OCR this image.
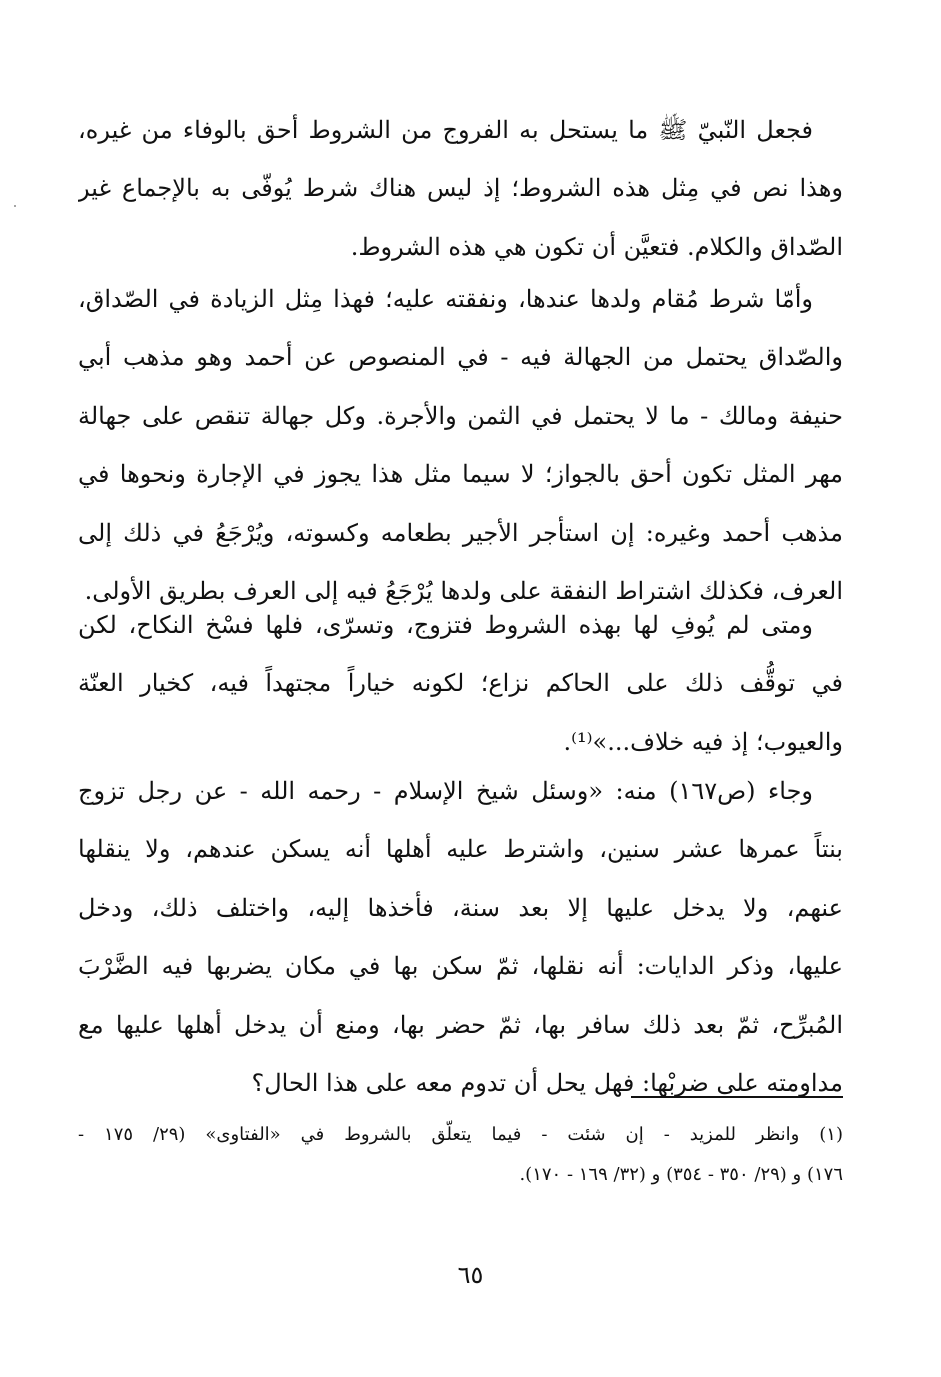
فجعل النّبيّ ﷺ ما يستحل به الفروج من الشروط أحق بالوفاء من غيره،
وهذا نص في مِثل هذه الشروط؛ إذ ليس هناك شرط يُوفّى به بالإجماع غير
الصّداق والكلام. فتعيَّن أن تكون هي هذه الشروط.
وأمّا شرط مُقام ولدها عندها، ونفقته عليه؛ فهذا مِثل الزيادة في الصّداق،
والصّداق يحتمل من الجهالة فيه - في المنصوص عن أحمد وهو مذهب أبي
حنيفة ومالك - ما لا يحتمل في الثمن والأجرة. وكل جهالة تنقص على جهالة
مهر المثل تكون أحق بالجواز؛ لا سيما مثل هذا يجوز في الإجارة ونحوها في
مذهب أحمد وغيره: إن استأجر الأجير بطعامه وكسوته، ويُرْجَعُ في ذلك إلى
العرف، فكذلك اشتراط النفقة على ولدها يُرْجَعُ فيه إلى العرف بطريق الأولى.
ومتى لم يُوفِ لها بهذه الشروط فتزوج، وتسرّى، فلها فسْخ النكاح، لكن
في توقُّف ذلك على الحاكم نزاع؛ لكونه خياراً مجتهداً فيه، كخيار العنّة
والعيوب؛ إذ فيه خلاف...»⁽¹⁾.
وجاء (ص١٦٧) منه: «وسئل شيخ الإسلام - رحمه الله - عن رجل تزوج
بنتاً عمرها عشر سنين، واشترط عليه أهلها أنه يسكن عندهم، ولا ينقلها
عنهم، ولا يدخل عليها إلا بعد سنة، فأخذها إليه، واختلف ذلك، ودخل
عليها، وذكر الدايات: أنه نقلها، ثمّ سكن بها في مكان يضربها فيه الضَّرْبَ
المُبرِّح، ثمّ بعد ذلك سافر بها، ثمّ حضر بها، ومنع أن يدخل أهلها عليها مع
مداومته على ضربْها: فهل يحل أن تدوم معه على هذا الحال؟
(١) وانظر للمزيد - إن شئت - فيما يتعلّق بالشروط في «الفتاوى» (٢٩/ ١٧٥ -
١٧٦) و (٢٩/ ٣٥٠ - ٣٥٤) و (٣٢/ ١٦٩ - ١٧٠).
٦٥
